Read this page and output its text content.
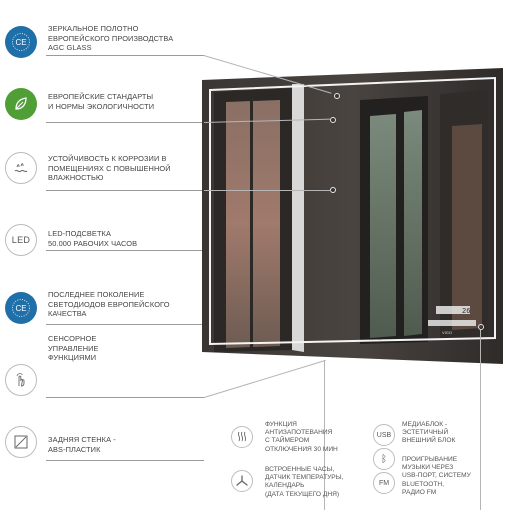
CE
ЗЕРКАЛЬНОЕ ПОЛОТНО
ЕВРОПЕЙСКОГО ПРОИЗВОДСТВА
AGC GLASS
ЕВРОПЕЙСКИЕ СТАНДАРТЫ
И НОРМЫ ЭКОЛОГИЧНОСТИ
УСТОЙЧИВОСТЬ К КОРРОЗИИ В
ПОМЕЩЕНИЯХ С ПОВЫШЕННОЙ
ВЛАЖНОСТЬЮ
LED
LED-ПОДСВЕТКА
50.000 РАБОЧИХ ЧАСОВ
CE
ПОСЛЕДНЕЕ ПОКОЛЕНИЕ
СВЕТОДИОДОВ ЕВРОПЕЙСКОГО
КАЧЕСТВА
СЕНСОРНОЕ
УПРАВЛЕНИЕ
ФУНКЦИЯМИ
ЗАДНЯЯ СТЕНКА -
ABS-ПЛАСТИК
26
VIGO
ФУНКЦИЯ
АНТИЗАПОТЕВАНИЯ
С ТАЙМЕРОМ
ОТКЛЮЧЕНИЯ 30 МИН
ВСТРОЕННЫЕ ЧАСЫ,
ДАТЧИК ТЕМПЕРАТУРЫ,
КАЛЕНДАРЬ
(ДАТА ТЕКУЩЕГО ДНЯ)
USB
МЕДИАБЛОК -
ЭСТЕТИЧНЫЙ
ВНЕШНИЙ БЛОК
ᛒ ПРОИГРЫВАНИЕ
МУЗЫКИ ЧЕРЕЗ
USB-ПОРТ, СИСТЕМУ
BLUETOOTH,
РАДИО FM
FM
